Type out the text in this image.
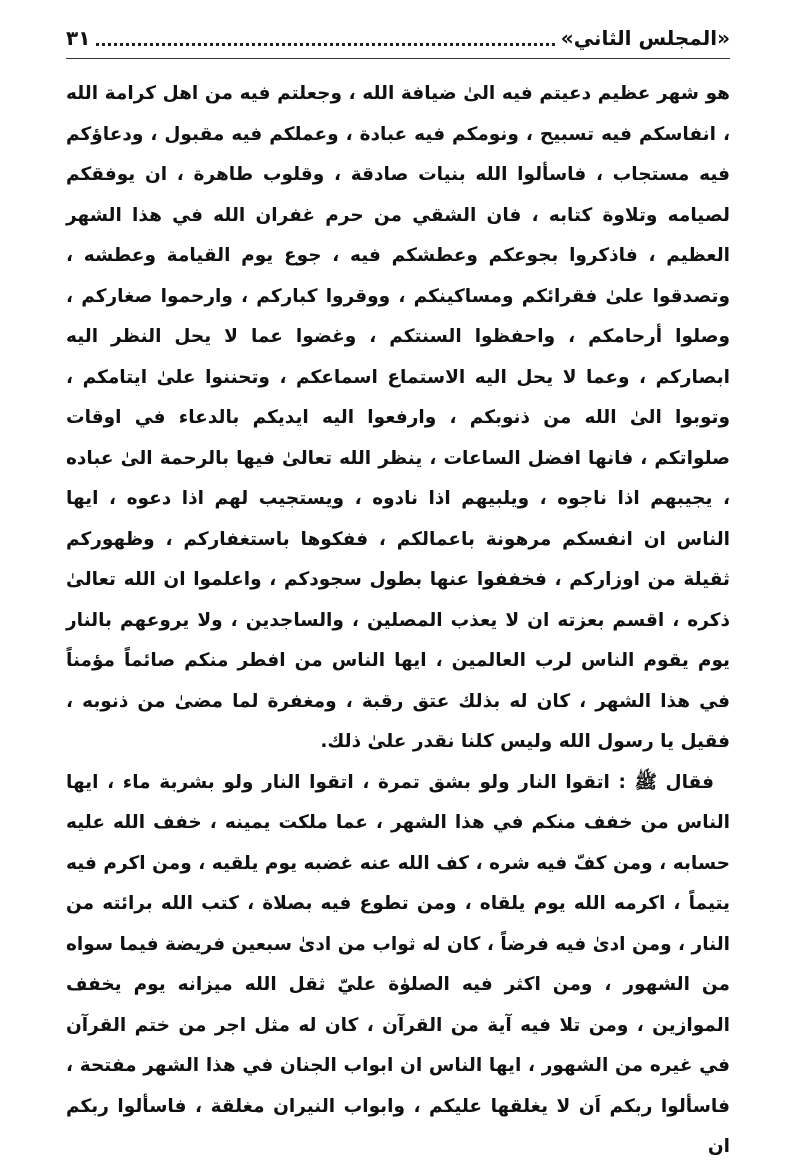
«المجلس الثاني»
٣١

هو شهر عظيم دعيتم فيه الىٰ ضيافة الله ، وجعلتم فيه من اهل كرامة الله ، انفاسكم فيه تسبيح ، ونومكم فيه عبادة ، وعملكم فيه مقبول ، ودعاؤكم فيه مستجاب ، فاسألوا الله بنيات صادقة ، وقلوب طاهرة ، ان يوفقكم لصيامه وتلاوة كتابه ، فان الشقي من حرم غفران الله في هذا الشهر العظيم ، فاذكروا بجوعكم وعطشكم فيه ، جوع يوم القيامة وعطشه ، وتصدقوا علىٰ فقرائكم ومساكينكم ، ووقروا كباركم ، وارحموا صغاركم ، وصلوا أرحامكم ، واحفظوا السنتكم ، وغضوا عما لا يحل النظر اليه ابصاركم ، وعما لا يحل اليه الاستماع اسماعكم ، وتحننوا علىٰ ايتامكم ، وتوبوا الىٰ الله من ذنوبكم ، وارفعوا اليه ايديكم بالدعاء في اوقات صلواتكم ، فانها افضل الساعات ، ينظر الله تعالىٰ فيها بالرحمة الىٰ عباده ، يجيبهم اذا ناجوه ، ويلبيهم اذا نادوه ، ويستجيب لهم اذا دعوه ، ايها الناس ان انفسكم مرهونة باعمالكم ، ففكوها باستغفاركم ، وظهوركم ثقيلة من اوزاركم ، فخففوا عنها بطول سجودكم ، واعلموا ان الله تعالىٰ ذكره ، اقسم بعزته ان لا يعذب المصلين ، والساجدين ، ولا يروعهم بالنار يوم يقوم الناس لرب العالمين ، ايها الناس من افطر منكم صائماً مؤمناً في هذا الشهر ، كان له بذلك عتق رقبة ، ومغفرة لما مضىٰ من ذنوبه ، فقيل يا رسول الله وليس كلنا نقدر علىٰ ذلك.

فقال ﷺ : اتقوا النار ولو بشق تمرة ، اتقوا النار ولو بشربة ماء ، ايها الناس من خفف منكم في هذا الشهر ، عما ملكت يمينه ، خفف الله عليه حسابه ، ومن كفّ فيه شره ، كف الله عنه غضبه يوم يلقيه ، ومن اكرم فيه يتيماً ، اكرمه الله يوم يلقاه ، ومن تطوع فيه بصلاة ، كتب الله برائته من النار ، ومن ادىٰ فيه فرضاً ، كان له ثواب من ادىٰ سبعين فريضة فيما سواه من الشهور ، ومن اكثر فيه الصلوٰة عليّ ثقل الله ميزانه يوم يخفف الموازين ، ومن تلا فيه آية من القرآن ، كان له مثل اجر من ختم القرآن في غيره من الشهور ، ايها الناس ان ابواب الجنان في هذا الشهر مفتحة ، فاسألوا ربكم اَن لا يغلقها عليكم ، وابواب النيران مغلقة ، فاسألوا ربكم ان
